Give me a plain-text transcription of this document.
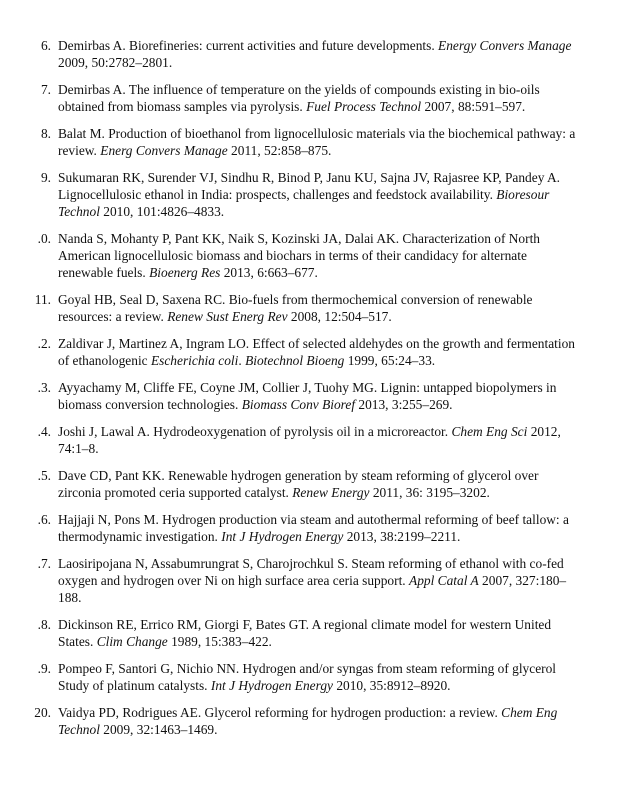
6. Demirbas A. Biorefineries: current activities and future developments. Energy Convers Manage 2009, 50:2782–2801.
7. Demirbas A. The influence of temperature on the yields of compounds existing in bio-oils obtained from biomass samples via pyrolysis. Fuel Process Technol 2007, 88:591–597.
8. Balat M. Production of bioethanol from lignocellulosic materials via the biochemical pathway: a review. Energ Convers Manage 2011, 52:858–875.
9. Sukumaran RK, Surender VJ, Sindhu R, Binod P, Janu KU, Sajna JV, Rajasree KP, Pandey A. Lignocellulosic ethanol in India: prospects, challenges and feedstock availability. Bioresour Technol 2010, 101:4826–4833.
.0. Nanda S, Mohanty P, Pant KK, Naik S, Kozinski JA, Dalai AK. Characterization of North American lignocellulosic biomass and biochars in terms of their candidacy for alternate renewable fuels. Bioenerg Res 2013, 6:663–677.
11. Goyal HB, Seal D, Saxena RC. Bio-fuels from thermochemical conversion of renewable resources: a review. Renew Sust Energ Rev 2008, 12:504–517.
.2. Zaldivar J, Martinez A, Ingram LO. Effect of selected aldehydes on the growth and fermentation of ethanologenic Escherichia coli. Biotechnol Bioeng 1999, 65:24–33.
.3. Ayyachamy M, Cliffe FE, Coyne JM, Collier J, Tuohy MG. Lignin: untapped biopolymers in biomass conversion technologies. Biomass Conv Bioref 2013, 3:255–269.
.4. Joshi J, Lawal A. Hydrodeoxygenation of pyrolysis oil in a microreactor. Chem Eng Sci 2012, 74:1–8.
.5. Dave CD, Pant KK. Renewable hydrogen generation by steam reforming of glycerol over zirconia promoted ceria supported catalyst. Renew Energy 2011, 36: 3195–3202.
.6. Hajjaji N, Pons M. Hydrogen production via steam and autothermal reforming of beef tallow: a thermodynamic investigation. Int J Hydrogen Energy 2013, 38:2199–2211.
.7. Laosiripojana N, Assabumrungrat S, Charojrochkul S. Steam reforming of ethanol with co-fed oxygen and hydrogen over Ni on high surface area ceria support. Appl Catal A 2007, 327:180–188.
.8. Dickinson RE, Errico RM, Giorgi F, Bates GT. A regional climate model for western United States. Clim Change 1989, 15:383–422.
.9. Pompeo F, Santori G, Nichio NN. Hydrogen and/or syngas from steam reforming of glycerol Study of platinum catalysts. Int J Hydrogen Energy 2010, 35:8912–8920.
20. Vaidya PD, Rodrigues AE. Glycerol reforming for hydrogen production: a review. Chem Eng Technol 2009, 32:1463–1469.
